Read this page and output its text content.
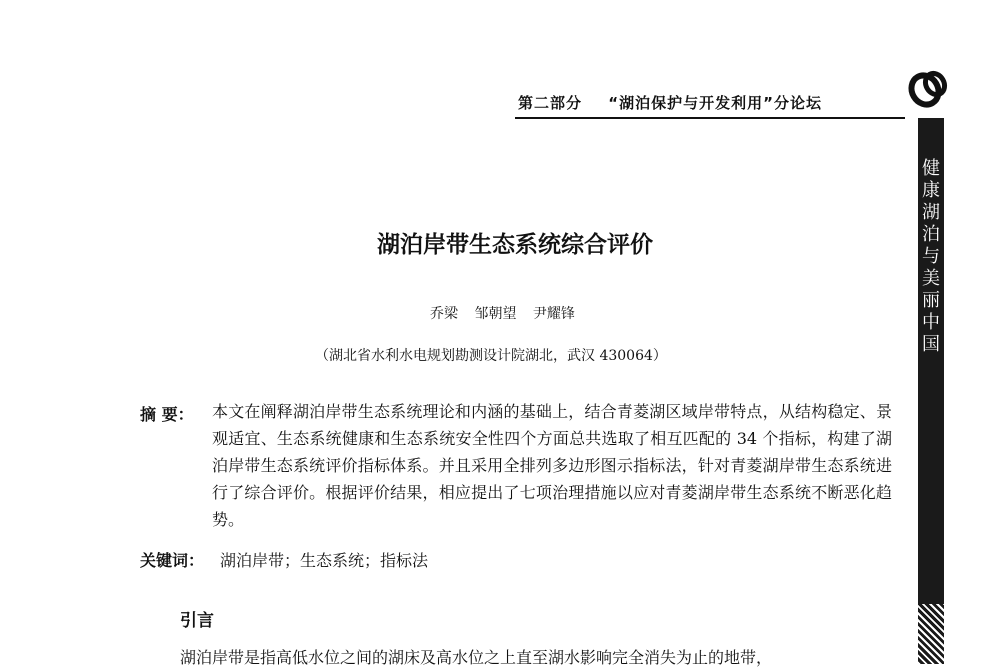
第二部分 “湖泊保护与开发利用”分论坛
健康湖泊与美丽中国
湖泊岸带生态系统综合评价
乔梁 邹朝望 尹耀锋
（湖北省水利水电规划勘测设计院湖北，武汉 430064）
摘 要： 本文在阐释湖泊岸带生态系统理论和内涵的基础上，结合青菱湖区域岸带特点，从结构稳定、景观适宜、生态系统健康和生态系统安全性四个方面总共选取了相互匹配的 34 个指标，构建了湖泊岸带生态系统评价指标体系。并且采用全排列多边形图示指标法，针对青菱湖岸带生态系统进行了综合评价。根据评价结果，相应提出了七项治理措施以应对青菱湖岸带生态系统不断恶化趋势。
关键词： 湖泊岸带；生态系统；指标法
引言
湖泊岸带是指高低水位之间的湖床及高水位之上直至湖水影响完全消失为止的地带，
